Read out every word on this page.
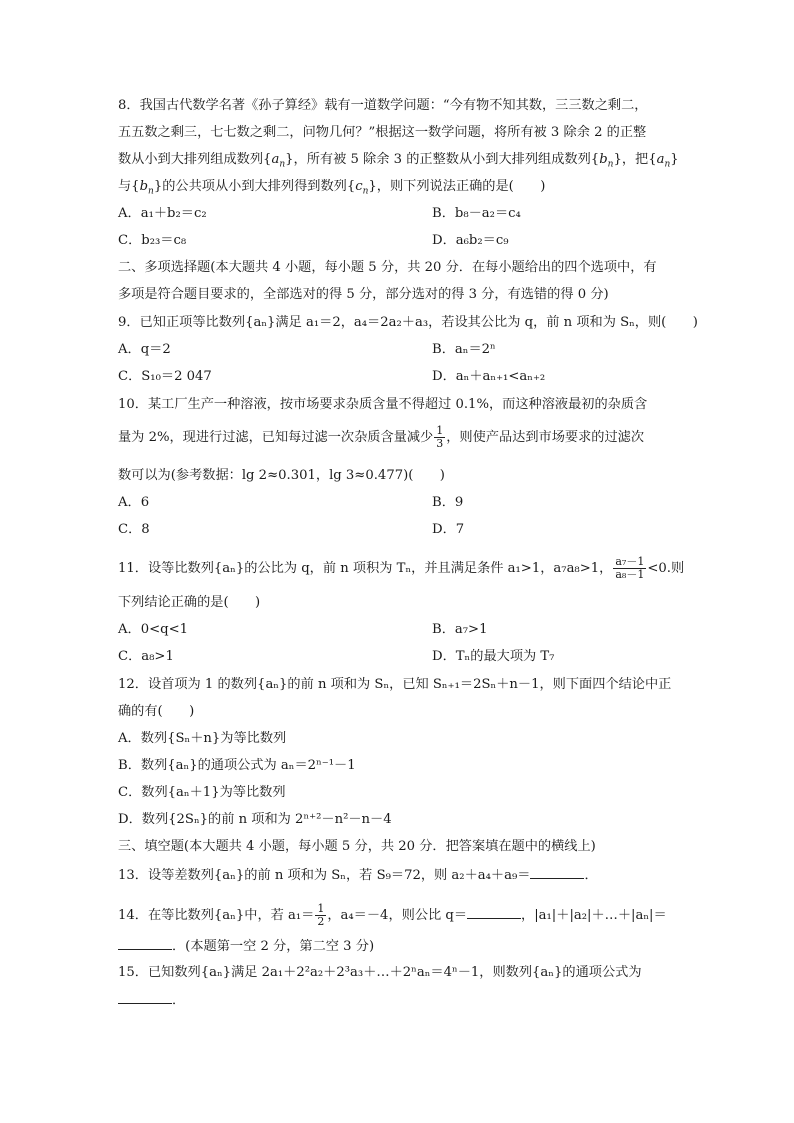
8．我国古代数学名著《孙子算经》载有一道数学问题：“今有物不知其数，三三数之剩二，
五五数之剩三，七七数之剩二，问物几何？”根据这一数学问题，将所有被 3 除余 2 的正整
数从小到大排列组成数列$\{a_n\}$，所有被 5 除余 3 的正整数从小到大排列组成数列$\{b_n\}$，把$\{a_n\}$
与$\{b_n\}$的公共项从小到大排列得到数列$\{c_n\}$，则下列说法正确的是(　　)
A．a₁＋b₂＝c₂	B．b₈－a₂＝c₄
C．b₂₃＝c₈	D．a₆b₂＝c₉
二、多项选择题(本大题共 4 小题，每小题 5 分，共 20 分．在每小题给出的四个选项中，有
多项是符合题目要求的，全部选对的得 5 分，部分选对的得 3 分，有选错的得 0 分)
9．已知正项等比数列{aₙ}满足 a₁＝2，a₄＝2a₂＋a₃，若设其公比为 q，前 n 项和为 Sₙ，则(　　)
A．q＝2	B．aₙ＝2ⁿ
C．S₁₀＝2 047	D．aₙ＋aₙ₊₁<aₙ₊₂
10．某工厂生产一种溶液，按市场要求杂质含量不得超过 0.1%，而这种溶液最初的杂质含
量为 2%，现进行过滤，已知每过滤一次杂质含量减少 $\frac{1}{3}$ ，则使产品达到市场要求的过滤次
数可以为(参考数据：lg 2≈0.301，lg 3≈0.477)(　　)
A．6	B．9
C．8	D．7
11．设等比数列{aₙ}的公比为 q，前 n 项积为 Tₙ，并且满足条件 a₁>1，a₇a₈>1， $\frac{\text{a₇－1}}{\text{a₈－1}} <0$.则
下列结论正确的是(　　)
A．0<q<1	B．a₇>1
C．a₈>1	D．Tₙ的最大项为 T₇
12．设首项为 1 的数列{aₙ}的前 n 项和为 Sₙ，已知 Sₙ₊₁＝2Sₙ＋n－1，则下面四个结论中正
确的有(　　)
A．数列{Sₙ＋n}为等比数列
B．数列{aₙ}的通项公式为 aₙ＝2ⁿ⁻¹－1
C．数列{aₙ＋1}为等比数列
D．数列{2Sₙ}的前 n 项和为 2ⁿ⁺²－n²－n－4
三、填空题(本大题共 4 小题，每小题 5 分，共 20 分．把答案填在题中的横线上)
13．设等差数列{aₙ}的前 n 项和为 Sₙ，若 S₉＝72，则 a₂＋a₄＋a₉＝	．
14．在等比数列{aₙ}中，若 $a_1= \frac{1}{2}$ ，a₄＝－4，则公比 q＝	，|a₁|＋|a₂|＋…＋|aₙ|＝
．(本题第一空 2 分，第二空 3 分)
15．已知数列{aₙ}满足 2a₁＋2²a₂＋2³a₃＋…＋2ⁿaₙ＝4ⁿ－1，则数列{aₙ}的通项公式为
．
